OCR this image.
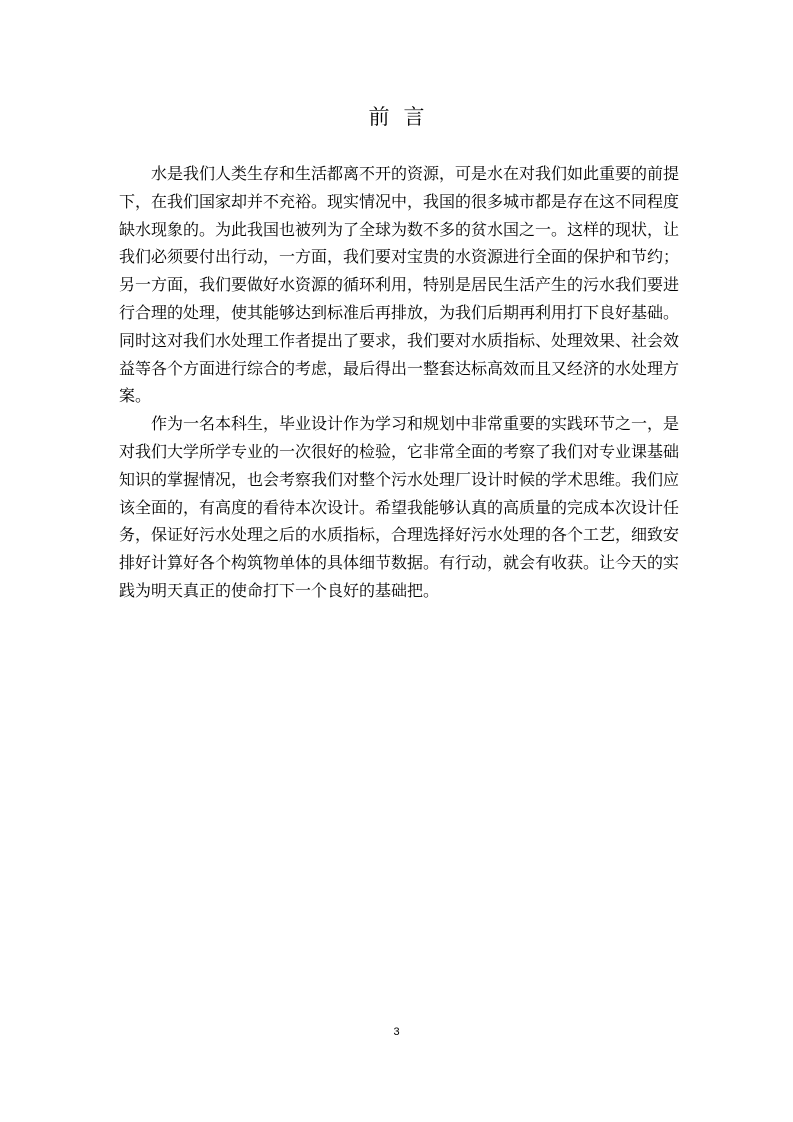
前言

水是我们人类生存和生活都离不开的资源，可是水在对我们如此重要的前提下，在我们国家却并不充裕。现实情况中，我国的很多城市都是存在这不同程度缺水现象的。为此我国也被列为了全球为数不多的贫水国之一。这样的现状，让我们必须要付出行动，一方面，我们要对宝贵的水资源进行全面的保护和节约；另一方面，我们要做好水资源的循环利用，特别是居民生活产生的污水我们要进行合理的处理，使其能够达到标准后再排放，为我们后期再利用打下良好基础。同时这对我们水处理工作者提出了要求，我们要对水质指标、处理效果、社会效益等各个方面进行综合的考虑，最后得出一整套达标高效而且又经济的水处理方案。

作为一名本科生，毕业设计作为学习和规划中非常重要的实践环节之一，是对我们大学所学专业的一次很好的检验，它非常全面的考察了我们对专业课基础知识的掌握情况，也会考察我们对整个污水处理厂设计时候的学术思维。我们应该全面的，有高度的看待本次设计。希望我能够认真的高质量的完成本次设计任务，保证好污水处理之后的水质指标，合理选择好污水处理的各个工艺，细致安排好计算好各个构筑物单体的具体细节数据。有行动，就会有收获。让今天的实践为明天真正的使命打下一个良好的基础把。

3
